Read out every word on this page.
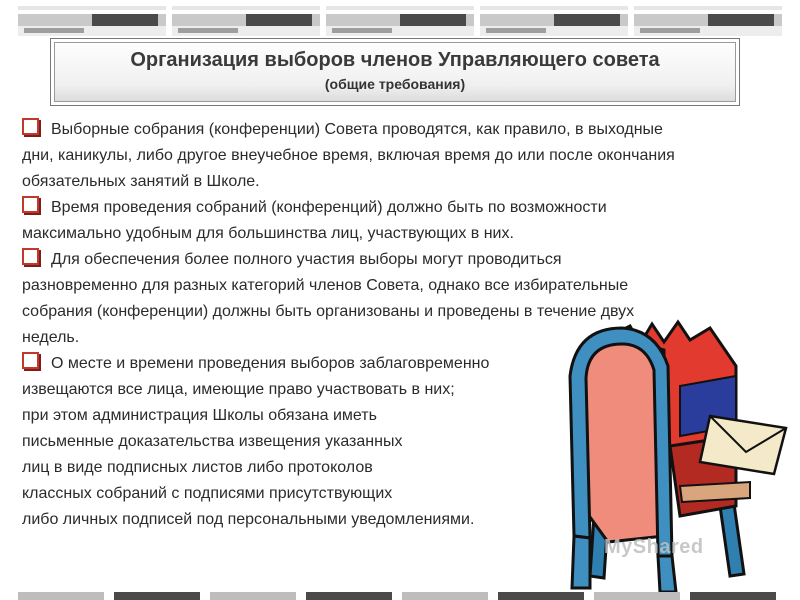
Организация выборов членов Управляющего совета
(общие требования)
Выборные собрания (конференции) Совета проводятся, как правило, в выходные
дни, каникулы, либо другое внеучебное время, включая время до или после окончания
обязательных занятий в Школе.
Время проведения собраний (конференций) должно быть по возможности
максимально удобным для большинства лиц, участвующих в них.
Для обеспечения более полного участия выборы могут проводиться
разновременно для разных категорий членов Совета, однако все избирательные
собрания (конференции) должны быть организованы и проведены в течение двух
недель.
О месте и времени проведения выборов заблаговременно
извещаются все лица, имеющие право участвовать в них;
при этом администрация Школы обязана иметь
письменные доказательства извещения указанных
лиц в виде подписных листов либо протоколов
классных собраний с подписями присутствующих
либо личных подписей под персональными уведомлениями.
MyShared
